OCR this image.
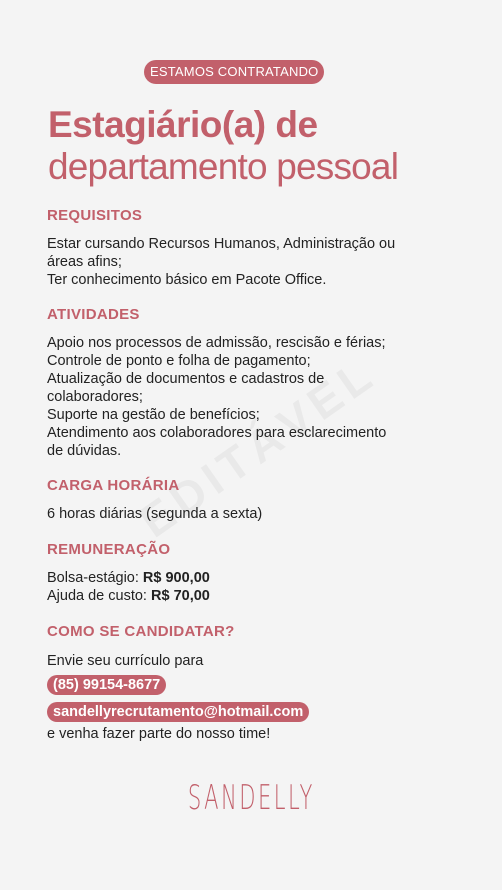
ESTAMOS CONTRATANDO
Estagiário(a) de
departamento pessoal
REQUISITOS
Estar cursando Recursos Humanos, Administração ou
áreas afins;
Ter conhecimento básico em Pacote Office.
ATIVIDADES
Apoio nos processos de admissão, rescisão e férias;
Controle de ponto e folha de pagamento;
Atualização de documentos e cadastros de
colaboradores;
Suporte na gestão de benefícios;
Atendimento aos colaboradores para esclarecimento
de dúvidas.
CARGA HORÁRIA
6 horas diárias (segunda a sexta)
REMUNERAÇÃO
Bolsa-estágio: R$ 900,00
Ajuda de custo: R$ 70,00
COMO SE CANDIDATAR?
Envie seu currículo para
(85) 99154-8677
sandellyrecrutamento@hotmail.com
e venha fazer parte do nosso time!
SANDELLY
